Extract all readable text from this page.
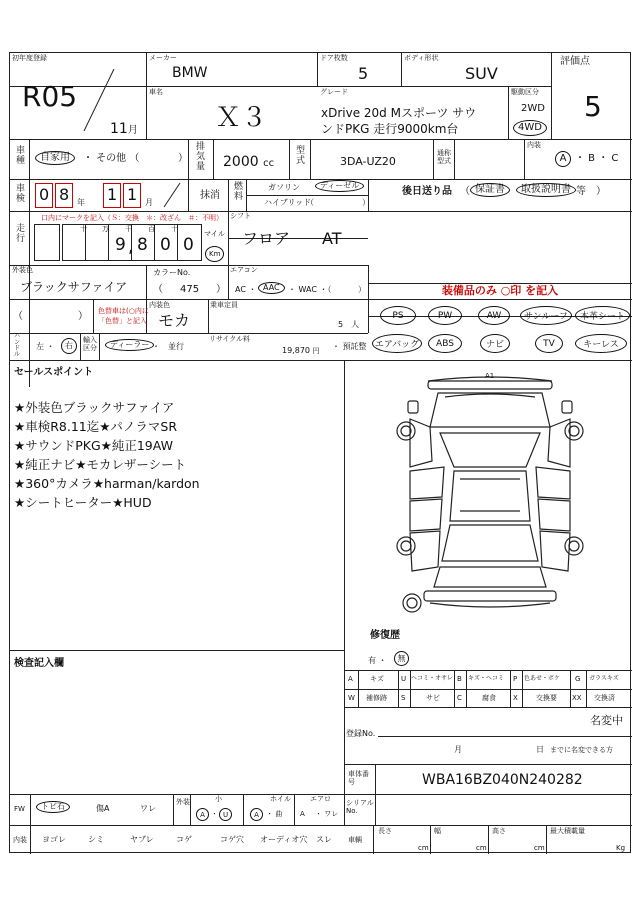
初年度登録
R05
11月
メーカー
BMW
車名
Ｘ３
ドア枚数
5
ボディ形状
SUV
グレード
xDrive 20d Mスポーツ サウ
ンドPKG 走行9000km台
駆動区分
2WD
4WD
評価点
5
車種	自家用	・ その他 （	） 排気量 2000 cc 型式	3DA-UZ20
通称型式
内装
A ・ B ・ C
車検 0 8 年 1 1 月
抹消 燃料	ガソリン	ディーゼル
ハイブリッド
（　　　　　　）
後日送り品 （ 保証書	取扱説明書 等　）
走行
口内にマークを記入（Ｓ：交換　＊：改ざん　＃：不明）
十 万 千 百 十
9 , 8 0 0
マイル
Km
シフト
フロア AT
エアコン
AC ・ AAC	・ WAC ・（	）
外装色
ブラックサファイア
カラーNo.
（ 475 ）	装備品のみ ○印 を記入
（	） 色替車は(○内に
「色替」と記入
内装色
モカ
乗車定員
5　 人
PS	PW	AW	サンルーフ	本革シート
エアバッグ	ABS	ナビ	TV	キーレス
ハンドル
左 ・	右
輸入区分	ディーラー ・　並行
リサイクル料
19,870 円 ・ 預託整
セールスポイント
★外装色ブラックサファイア
★車検R8.11迄★パノラマSR
★サウンドPKG★純正19AW
★純正ナビ★モカレザーシート
★360°カメラ★harman/kardon
★シートヒーター★HUD
検査記入欄
A1
修復歴
有 ・	無
A キズ U ヘコミ・オサレ B キズ・ヘコミ P 色あせ・ボケ G ガラスキズ
W 補修跡 S	サビ C	腐食 X	交換要 XX 交換済
登録No.
名変中
月	日 までに名変できる方
車体番号	WBA16BZ040N240282
シリアルNo.
FW	トビ石	傷A	ワレ
外装	小
A ・ U
ホイル
A	・ 曲
エアロ
A ・ ワレ
内装 ヨゴレ	シミ	ヤブレ	コゲ	コゲ穴 オーディオ穴 スレ 車輌
長さ
cm
幅
cm
高さ
cm
最大積載量
Kg
